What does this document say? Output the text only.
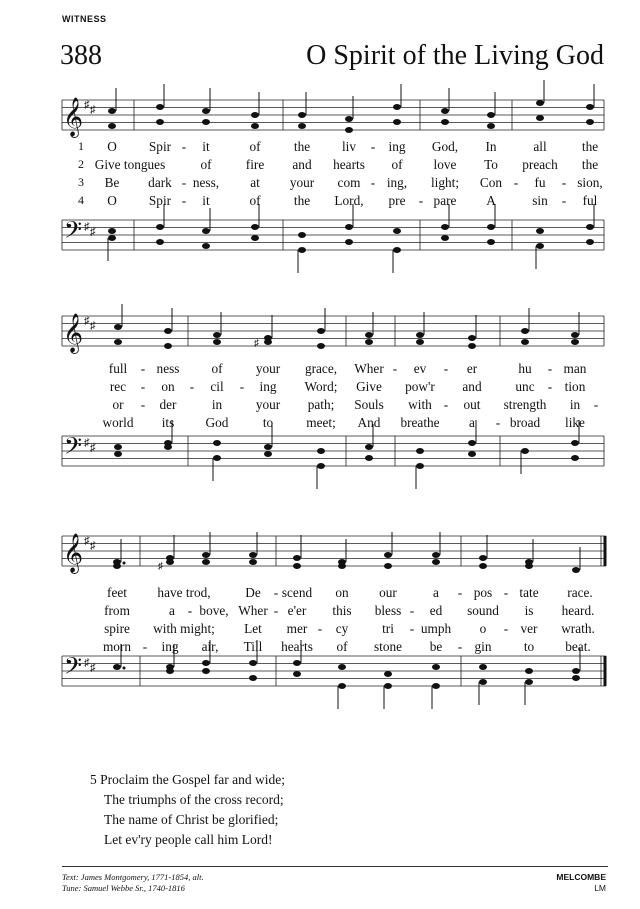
WITNESS
388	O Spirit of the Living God
𝄞
𝄢
♯ ♯
♯ ♯
1 O Spir - it	of	the liv - ing God, In	all	the
2 Give tongues	of	fire and hearts of love To preach the
3 Be dark - ness, at your com - ing, light; Con - fu - sion,
4 O Spir - it	of	the Lord, pre - pare A	sin - ful
𝄞
𝄢
♯ ♯
♯ ♯
♯
full - ness of	your grace, Wher - ev - er	hu - man
rec - on - cil - ing Word; Give pow'r and	unc - tion
or - der	in	your path; Souls with - out strength in -
world its God	to meet; And breathe a - broad like
𝄞
𝄢
♯ ♯
♯ ♯
♯
feet have trod,	De - scend on our	a - pos - tate race.
from	a - bove, Wher - e'er this bless - ed sound is heard.
spire with might; Let mer - cy	tri - umph o - ver wrath.
morn - ing air, Till hearts of stone be - gin to beat.
5 Proclaim the Gospel far and wide;
The triumphs of the cross record;
The name of Christ be glorified;
Let ev'ry people call him Lord!
Text: James Montgomery, 1771-1854, alt.
Tune: Samuel Webbe Sr., 1740-1816
MELCOMBE
LM
